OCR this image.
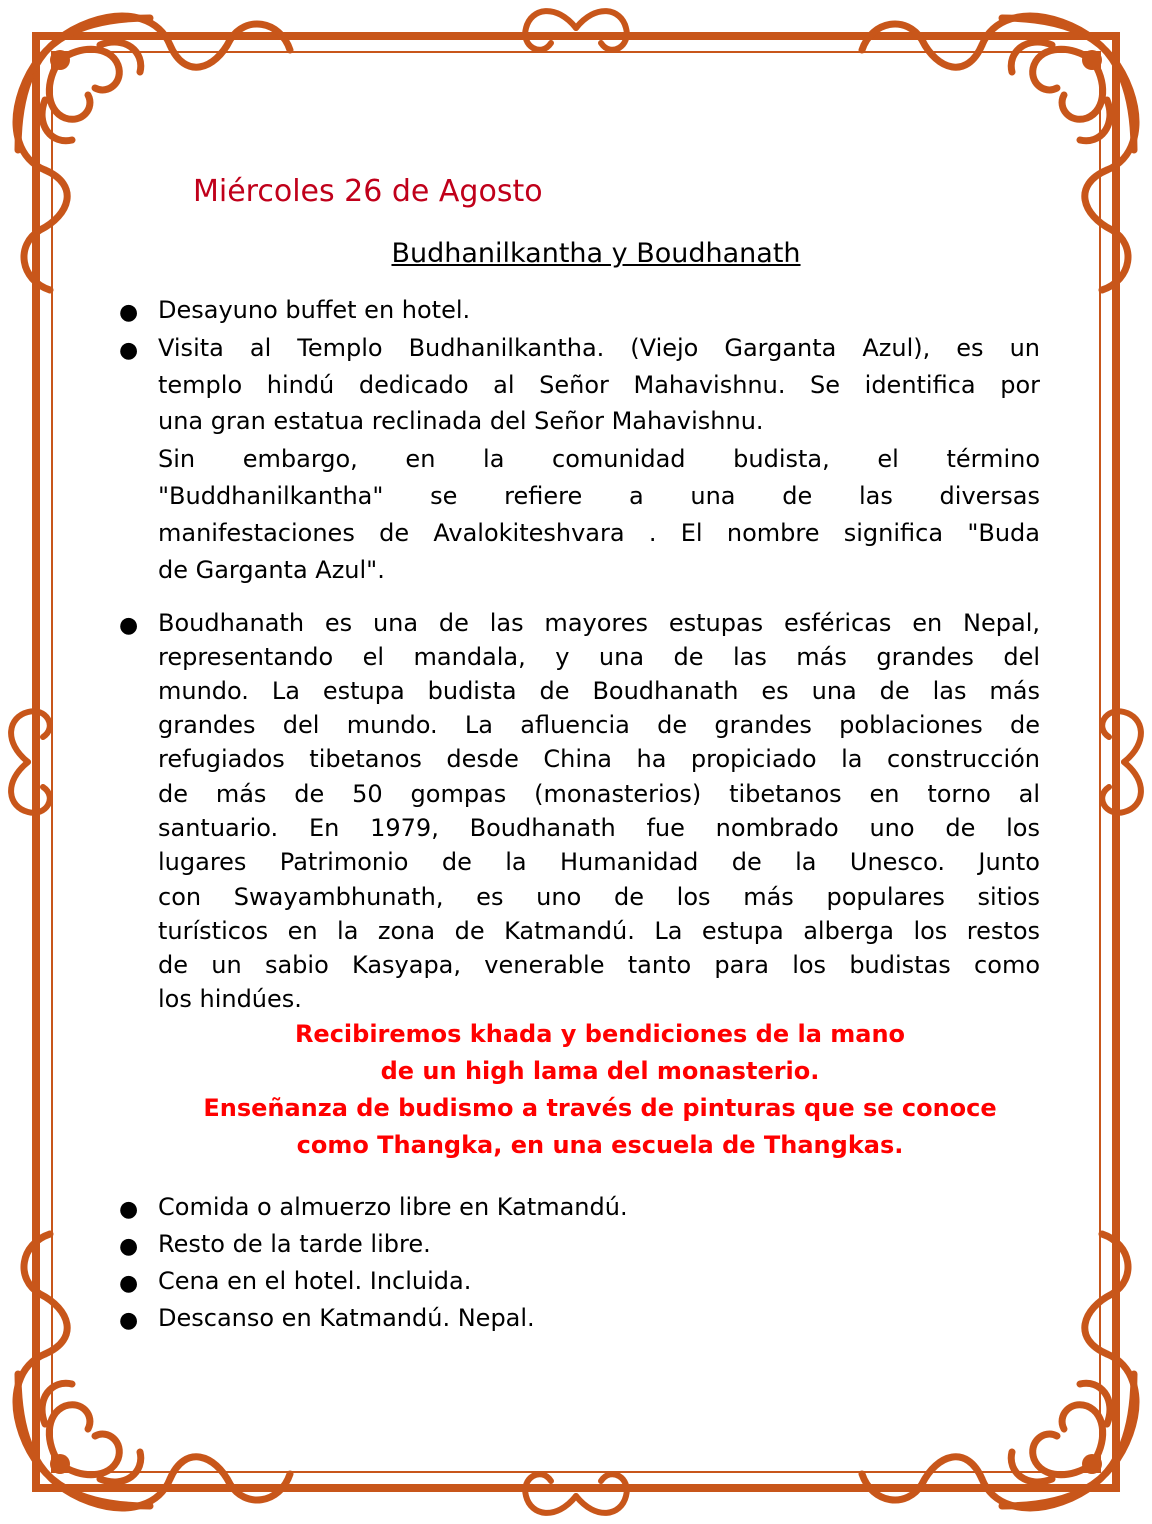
Miércoles 26 de Agosto
Budhanilkantha y Boudhanath
● Desayuno buffet en hotel.
● Visita al Templo Budhanilkantha. (Viejo Garganta Azul), es un
templo hindú dedicado al Señor Mahavishnu. Se identifica por
una gran estatua reclinada del Señor Mahavishnu.
Sin embargo, en la comunidad budista, el término
"Buddhanilkantha" se refiere a una de las diversas
manifestaciones de Avalokiteshvara . El nombre significa "Buda
de Garganta Azul".
● Boudhanath es una de las mayores estupas esféricas en Nepal,
representando el mandala, y una de las más grandes del
mundo. La estupa budista de Boudhanath es una de las más
grandes del mundo. La afluencia de grandes poblaciones de
refugiados tibetanos desde China ha propiciado la construcción
de más de 50 gompas (monasterios) tibetanos en torno al
santuario. En 1979, Boudhanath fue nombrado uno de los
lugares Patrimonio de la Humanidad de la Unesco. Junto
con Swayambhunath, es uno de los más populares sitios
turísticos en la zona de Katmandú. La estupa alberga los restos
de un sabio Kasyapa, venerable tanto para los budistas como
los hindúes.
Recibiremos khada y bendiciones de la mano
de un high lama del monasterio.
Enseñanza de budismo a través de pinturas que se conoce
como Thangka, en una escuela de Thangkas.
● Comida o almuerzo libre en Katmandú.
● Resto de la tarde libre.
● Cena en el hotel. Incluida.
● Descanso en Katmandú. Nepal.
